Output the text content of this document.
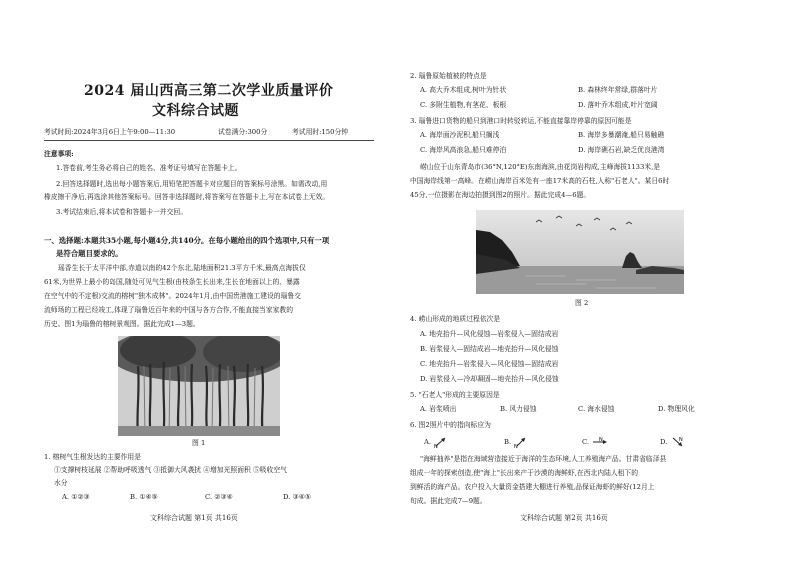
2024 届山西高三第二次学业质量评价
文科综合试题
考试时间:2024年3月6日上午9:00—11:30	试卷满分:300分	考试用时:150分钟
注意事项:
1.答卷前,考生务必将自己的姓名、准考证号填写在答题卡上。
2.回答选择题时,选出每小题答案后,用铅笔把答题卡对应题目的答案标号涂黑。如需改动,用
橡皮擦干净后,再选涂其他答案标号。回答非选择题时,将答案写在答题卡上,写在本试卷上无效。
3.考试结束后,将本试卷和答题卡一并交回。
一、选择题:本题共35小题,每小题4分,共140分。在每小题给出的四个选项中,只有一项
是符合题目要求的。
瑶香生长于太平洋中部,赤道以南的42个东北,陆地面积21.3平方千米,最高点海拔仅
61米,为世界上最小的岛国,随处可见气生根(由枝条生长出来,生长在地面以上的、暴露
在空气中的不定根)交流的榕树"独木成林"。2024年1月,由中国贵港施工建设的瑙鲁交
流师场的工程已经竣工,体现了瑙鲁近百年来的中国与各方合作,不能直接当家家教的
历史。图1为瑙鲁的榕树景观图。据此完成1—3题。
图 1
1. 榕树气生根发达的主要作用是
①支撑树枝延展 ②帮助呼吸透气 ③抵御大风袭扰 ④增加光照面积 ⑤吸收空气
水分
A. ①②③	B. ①④⑤	C. ②③④	D. ③④⑤
文科综合试题 第1页 共16页
2. 瑙鲁原始植被的特点是
A. 高大乔木组成,树叶为针状	B. 森林终年常绿,群落叶片
C. 多附生植物,有茎花、板根	D. 落叶乔木组成,叶片宽阔
3. 瑙鲁进口货物的船只到港口时转驳转运,不能直接靠岸停靠的原因可能是
A. 海岸面沙泥积,船只搁浅	B. 海岸多暴潮淹,船只易触礁
C. 海岸风高浪急,船只难停泊	D. 海岸礁石岩,缺乏优良港湾
崂山位于山东青岛市(36°N,120°E)东南海滨,由花岗岩构成,主峰海拔1133米,是
中国海岸线第一高峰。在崂山海岸百米处有一座17米高的石柱,人称"石老人"。某日6时
45分,一位摄影在海边拍摄到图2的照片。据此完成4—6题。
图 2
4. 崂山形成的地质过程依次是
A. 地壳抬升—风化侵蚀—岩浆侵入—固结成岩
B. 岩浆侵入—固结成岩—地壳抬升—风化侵蚀
C. 地壳抬升—岩浆侵入—风化侵蚀—固结成岩
D. 岩浆侵入—冷却凝固—地壳抬升—风化侵蚀
5. "石老人"形成的主要原因是
A. 岩浆喷出	B. 风力侵蚀	C. 海水侵蚀	D. 物理风化
6. 图2照片中的指向标应为
A.
N
B.
N
C. N	D. N
"海鲜抽养"是指在海域营造接近于海洋的生态环境,人工养殖海产品。甘肃省临泽县
组成一年的探索创造,使"海上"长出来产于沙漠的海鲜虾,在西北内陆人租下的
到鲜活的海产品。农户投入大量资金搭建大棚进行养殖,品保证海虾的鲜好(12月上
旬成。据此完成7—9题。
文科综合试题 第2页 共16页
